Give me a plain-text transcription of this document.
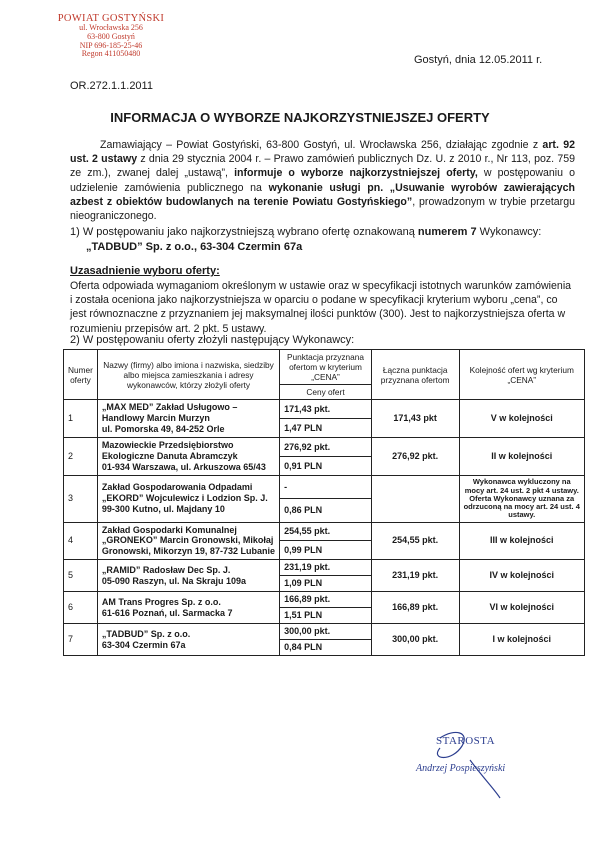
POWIAT GOSTYŃSKI
ul. Wrocławska 256
63-800 Gostyń
NIP 696-185-25-46
Regon 411050480
Gostyń, dnia 12.05.2011 r.
OR.272.1.1.2011
INFORMACJA O WYBORZE NAJKORZYSTNIEJSZEJ OFERTY
Zamawiający – Powiat Gostyński, 63-800 Gostyń, ul. Wrocławska 256, działając zgodnie z art. 92 ust. 2 ustawy z dnia 29 stycznia 2004 r. – Prawo zamówień publicznych Dz. U. z 2010 r., Nr 113, poz. 759 ze zm.), zwanej dalej „ustawą”, informuje o wyborze najkorzystniejszej oferty, w postępowaniu o udzielenie zamówienia publicznego na wykonanie usługi pn. „Usuwanie wyrobów zawierających azbest z obiektów budowlanych na terenie Powiatu Gostyńskiego”, prowadzonym w trybie przetargu nieograniczonego.
1) W postępowaniu jako najkorzystniejszą wybrano ofertę oznakowaną numerem 7 Wykonawcy:
„TADBUD” Sp. z o.o., 63-304 Czermin 67a
Uzasadnienie wyboru oferty:
Oferta odpowiada wymaganiom określonym w ustawie oraz w specyfikacji istotnych warunków zamówienia i została oceniona jako najkorzystniejsza w oparciu o podane w specyfikacji kryterium wyboru „cena”, co jest równoznaczne z przyznaniem jej maksymalnej ilości punktów (300). Jest to najkorzystniejsza oferta w rozumieniu przepisów art. 2 pkt. 5 ustawy.
2) W postępowaniu oferty złożyli następujący Wykonawcy:
Numer oferty	Nazwy (firmy) albo imiona i nazwiska, siedziby albo miejsca zamieszkania i adresy wykonawców, którzy złożyli oferty	Punktacja przyznana ofertom w kryterium „CENA”	Łączna punktacja przyznana ofertom	Kolejność ofert wg kryterium „CENA”
		Ceny ofert		
1	„MAX MED” Zakład Usługowo –
Handlowy Marcin Murzyn
ul. Pomorska 49, 84-252 Orle	171,43 pkt.	171,43 pkt	V w kolejności
		1,47 PLN		
2	Mazowieckie Przedsiębiorstwo
Ekologiczne Danuta Abramczyk
01-934 Warszawa, ul. Arkuszowa 65/43	276,92 pkt.	276,92 pkt.	II w kolejności
		0,91 PLN		
3	Zakład Gospodarowania Odpadami
„EKORD” Wojculewicz i Lodzion Sp. J.
99-300 Kutno, ul. Majdany 10	-		Wykonawca wykluczony na mocy art. 24 ust. 2 pkt 4 ustawy. Oferta Wykonawcy uznana za odrzuconą na mocy art. 24 ust. 4 ustawy.
		0,86 PLN		
4	Zakład Gospodarki Komunalnej
„GRONEKO” Marcin Gronowski, Mikołaj
Gronowski, Mikorzyn 19, 87-732 Lubanie	254,55 pkt.	254,55 pkt.	III w kolejności
		0,99 PLN		
5	„RAMID” Radosław Dec Sp. J.
05-090 Raszyn, ul. Na Skraju 109a	231,19 pkt.	231,19 pkt.	IV w kolejności
		1,09 PLN		
6	AM Trans Progres Sp. z o.o.
61-616 Poznań, ul. Sarmacka 7	166,89 pkt.	166,89 pkt.	VI w kolejności
		1,51 PLN		
7	„TADBUD” Sp. z o.o.
63-304 Czermin 67a	300,00 pkt.	300,00 pkt.	I w kolejności
		0,84 PLN		
STAROSTA
Andrzej Pospieszyński
